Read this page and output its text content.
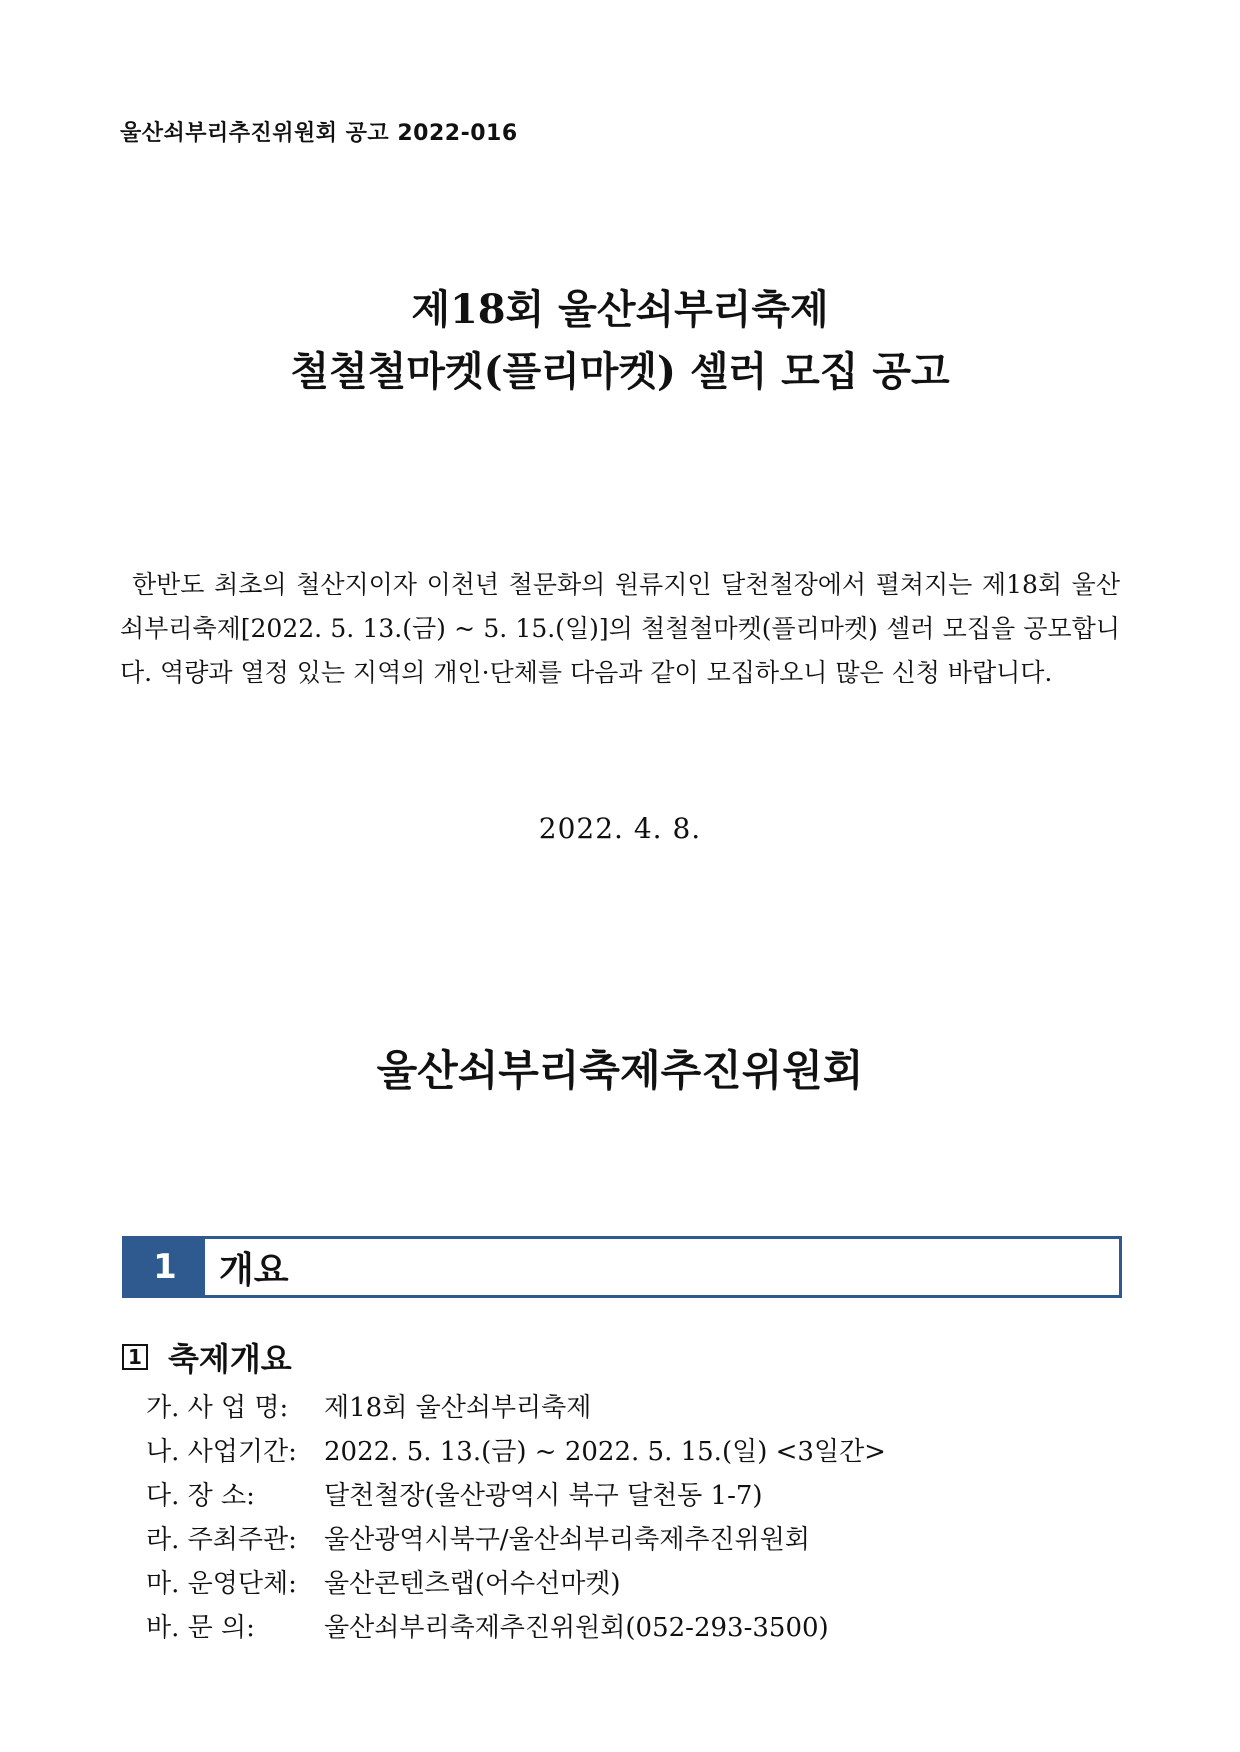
울산쇠부리추진위원회 공고 2022-016
제18회 울산쇠부리축제
철철철마켓(플리마켓) 셀러 모집 공고

한반도 최초의 철산지이자 이천년 철문화의 원류지인 달천철장에서 펼쳐지는 제18회 울산쇠부리축제[2022. 5. 13.(금) ~ 5. 15.(일)]의 철철철마켓(플리마켓) 셀러 모집을 공모합니다. 역량과 열정 있는 지역의 개인·단체를 다음과 같이 모집하오니 많은 신청 바랍니다.

2022. 4. 8.
울산쇠부리축제추진위원회
1	개요
1 축제개요
가. 사 업 명:	제18회 울산쇠부리축제
나. 사업기간:	2022. 5. 13.(금) ~ 2022. 5. 15.(일) <3일간>
다. 장 소:	달천철장(울산광역시 북구 달천동 1-7)
라. 주최주관:	울산광역시북구/울산쇠부리축제추진위원회
마. 운영단체:	울산콘텐츠랩(어수선마켓)
바. 문 의:	울산쇠부리축제추진위원회(052-293-3500)
